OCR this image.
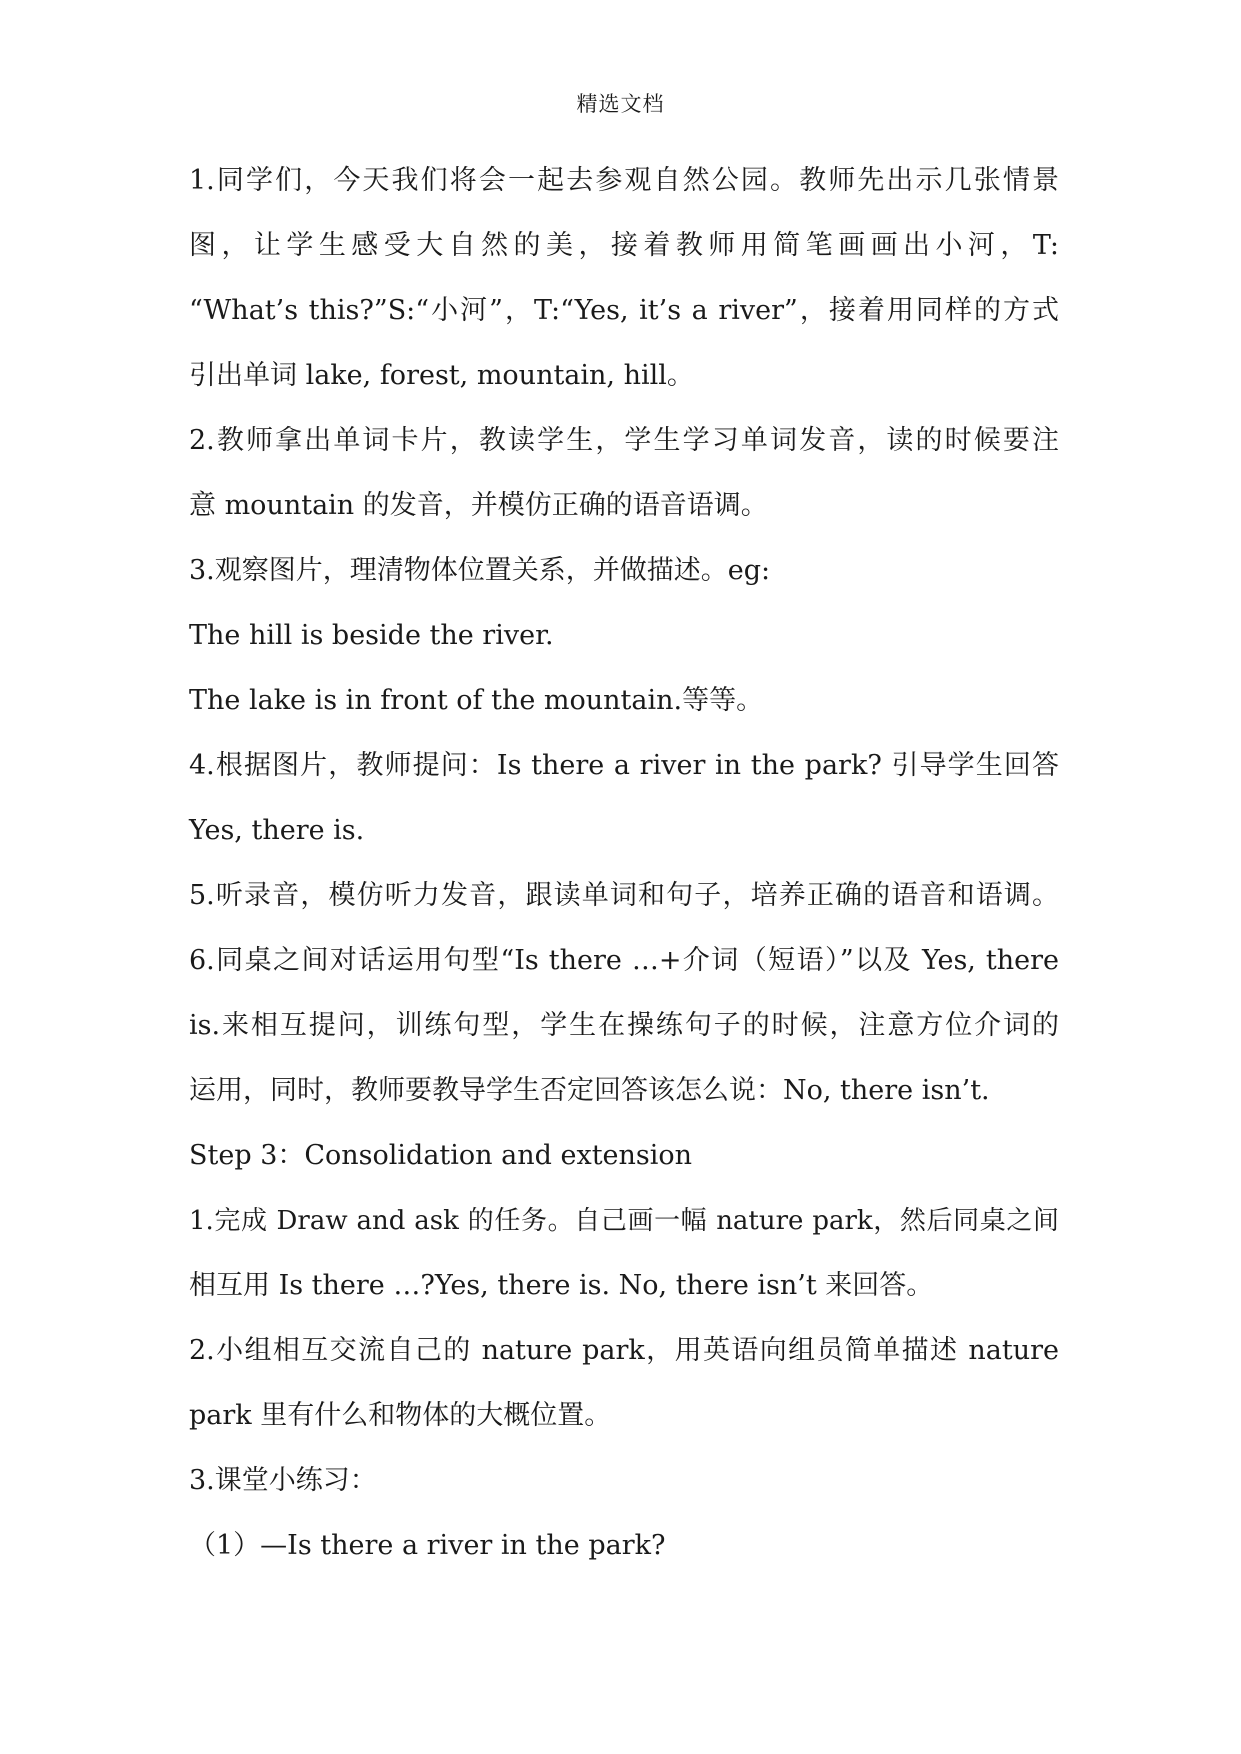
精选文档
1.同学们，今天我们将会一起去参观自然公园。教师先出示几张情景
图，让学生感受大自然的美，接着教师用简笔画画出小河，T:
“What’s this?”S:“小河”，T:“Yes, it’s a river”，接着用同样的方式
引出单词 lake, forest, mountain, hill。
2.教师拿出单词卡片，教读学生，学生学习单词发音，读的时候要注
意 mountain 的发音，并模仿正确的语音语调。
3.观察图片，理清物体位置关系，并做描述。eg:
The hill is beside the river.
The lake is in front of the mountain.等等。
4.根据图片，教师提问：Is there a river in the park? 引导学生回答
Yes, there is.
5.听录音，模仿听力发音，跟读单词和句子，培养正确的语音和语调。
6.同桌之间对话运用句型“Is there …+介词（短语）”以及 Yes, there
is.来相互提问，训练句型，学生在操练句子的时候，注意方位介词的
运用，同时，教师要教导学生否定回答该怎么说：No, there isn’t.
Step 3：Consolidation and extension
1.完成 Draw and ask 的任务。自己画一幅 nature park，然后同桌之间
相互用 Is there …?Yes, there is. No, there isn’t 来回答。
2.小组相互交流自己的 nature park，用英语向组员简单描述 nature
park 里有什么和物体的大概位置。
3.课堂小练习：
（1）—Is there a river in the park?
